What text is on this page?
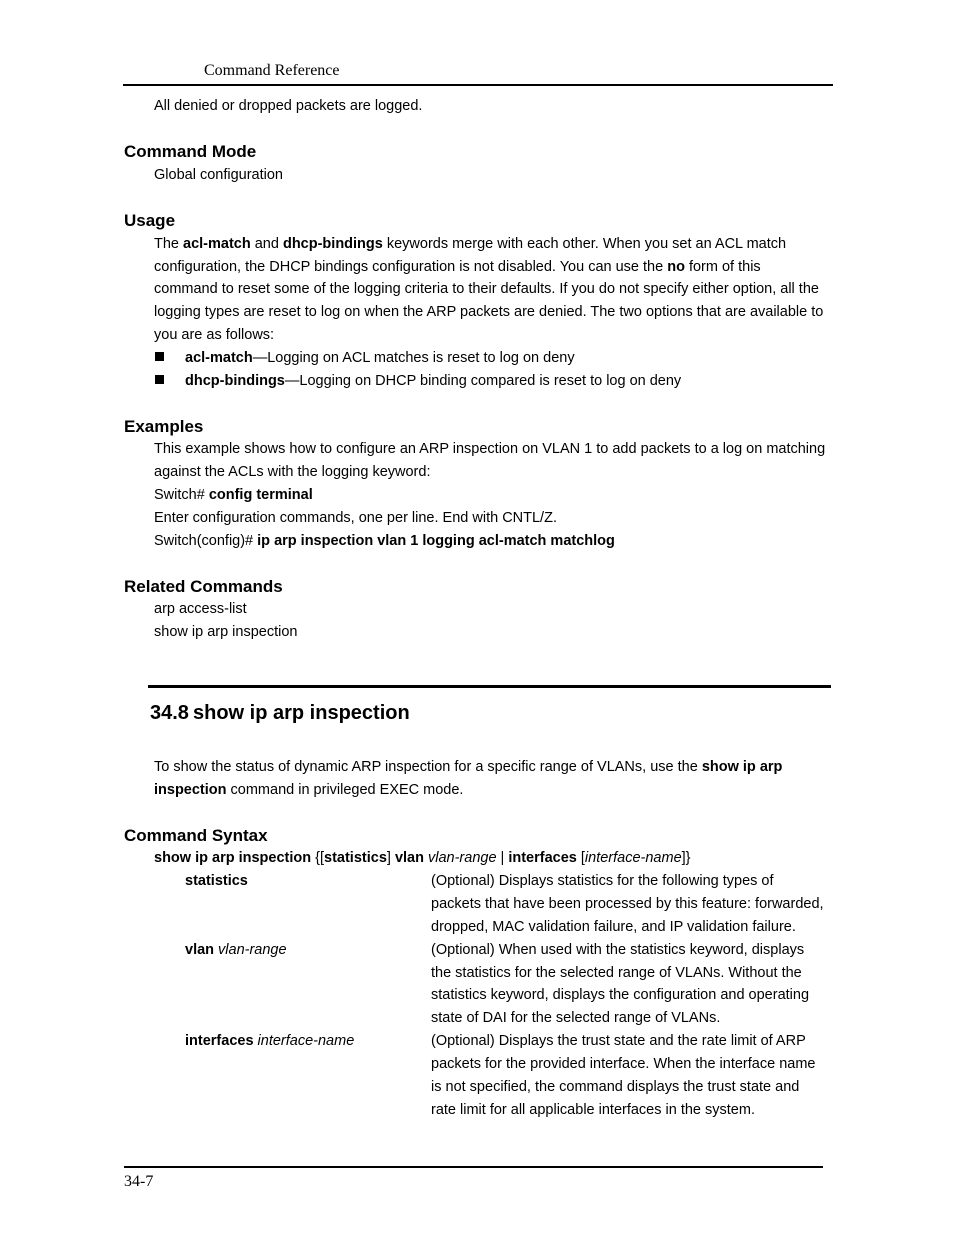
Command Reference
All denied or dropped packets are logged.
Command Mode
Global configuration
Usage
The acl-match and dhcp-bindings keywords merge with each other. When you set an ACL match
configuration, the DHCP bindings configuration is not disabled. You can use the no form of this
command to reset some of the logging criteria to their defaults. If you do not specify either option, all the
logging types are reset to log on when the ARP packets are denied. The two options that are available to
you are as follows:
acl-match—Logging on ACL matches is reset to log on deny
dhcp-bindings—Logging on DHCP binding compared is reset to log on deny
Examples
This example shows how to configure an ARP inspection on VLAN 1 to add packets to a log on matching
against the ACLs with the logging keyword:
Switch# config terminal
Enter configuration commands, one per line. End with CNTL/Z.
Switch(config)# ip arp inspection vlan 1 logging acl-match matchlog
Related Commands
arp access-list
show ip arp inspection
34.8 show ip arp inspection
To show the status of dynamic ARP inspection for a specific range of VLANs, use the show ip arp
inspection command in privileged EXEC mode.
Command Syntax
show ip arp inspection {[statistics] vlan vlan-range | interfaces [interface-name]}
statistics	(Optional) Displays statistics for the following types of
packets that have been processed by this feature: forwarded,
dropped, MAC validation failure, and IP validation failure.
vlan vlan-range	(Optional) When used with the statistics keyword, displays
the statistics for the selected range of VLANs. Without the
statistics keyword, displays the configuration and operating
state of DAI for the selected range of VLANs.
interfaces interface-name	(Optional) Displays the trust state and the rate limit of ARP
packets for the provided interface. When the interface name
is not specified, the command displays the trust state and
rate limit for all applicable interfaces in the system.
34-7
